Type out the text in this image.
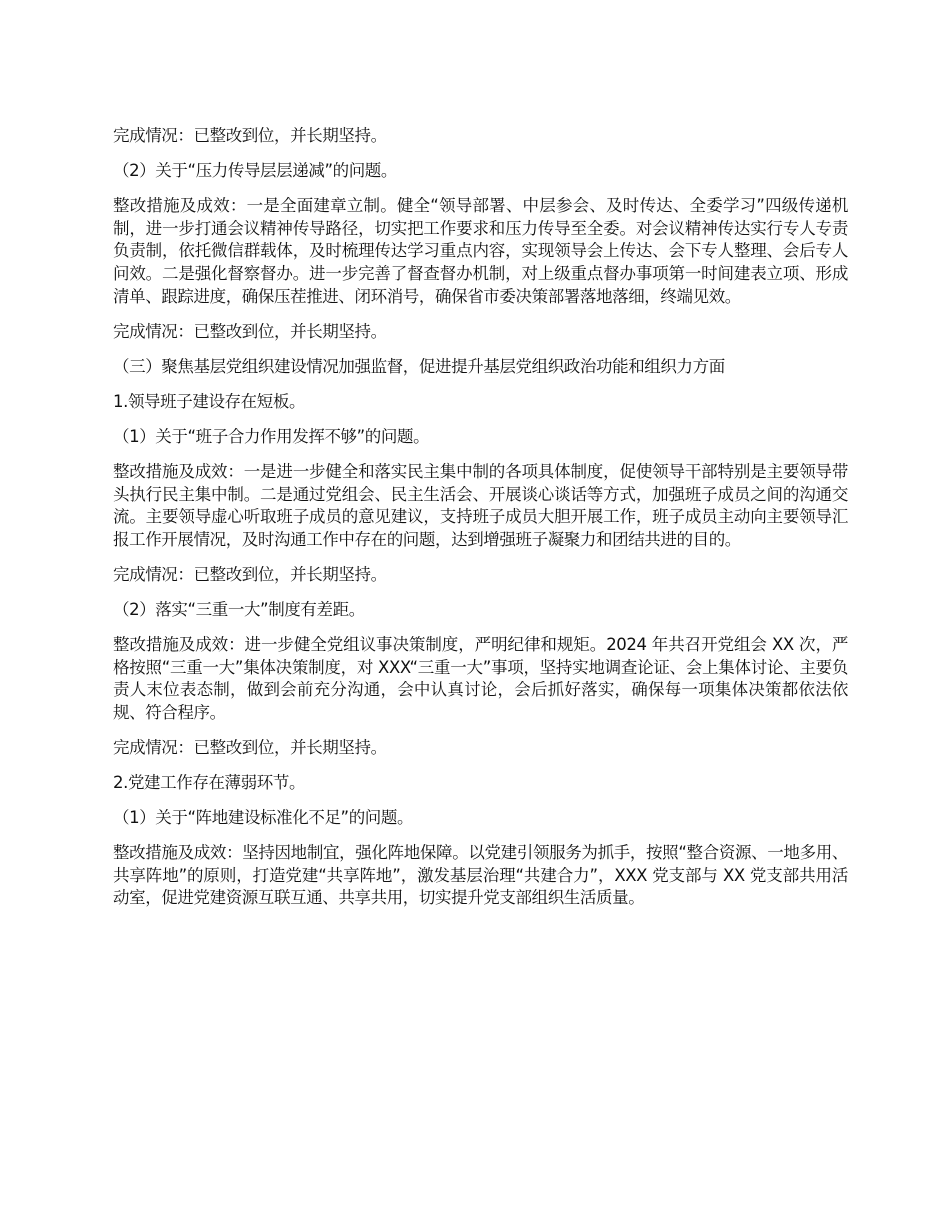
完成情况：已整改到位，并长期坚持。

（2）关于“压力传导层层递减”的问题。

整改措施及成效：一是全面建章立制。健全“领导部署、中层参会、及时传达、全委学习”四级传递机制，进一步打通会议精神传导路径，切实把工作要求和压力传导至全委。对会议精神传达实行专人专责负责制，依托微信群载体，及时梳理传达学习重点内容，实现领导会上传达、会下专人整理、会后专人问效。二是强化督察督办。进一步完善了督查督办机制，对上级重点督办事项第一时间建表立项、形成清单、跟踪进度，确保压茬推进、闭环消号，确保省市委决策部署落地落细，终端见效。

完成情况：已整改到位，并长期坚持。

（三）聚焦基层党组织建设情况加强监督，促进提升基层党组织政治功能和组织力方面

1.领导班子建设存在短板。

（1）关于“班子合力作用发挥不够”的问题。

整改措施及成效：一是进一步健全和落实民主集中制的各项具体制度，促使领导干部特别是主要领导带头执行民主集中制。二是通过党组会、民主生活会、开展谈心谈话等方式，加强班子成员之间的沟通交流。主要领导虚心听取班子成员的意见建议，支持班子成员大胆开展工作，班子成员主动向主要领导汇报工作开展情况，及时沟通工作中存在的问题，达到增强班子凝聚力和团结共进的目的。

完成情况：已整改到位，并长期坚持。

（2）落实“三重一大”制度有差距。

整改措施及成效：进一步健全党组议事决策制度，严明纪律和规矩。2024 年共召开党组会 XX 次，严格按照“三重一大”集体决策制度，对 XXX“三重一大”事项，坚持实地调查论证、会上集体讨论、主要负责人末位表态制，做到会前充分沟通，会中认真讨论，会后抓好落实，确保每一项集体决策都依法依规、符合程序。

完成情况：已整改到位，并长期坚持。

2.党建工作存在薄弱环节。

（1）关于“阵地建设标准化不足”的问题。

整改措施及成效：坚持因地制宜，强化阵地保障。以党建引领服务为抓手，按照“整合资源、一地多用、共享阵地”的原则，打造党建“共享阵地”，激发基层治理“共建合力”，XXX 党支部与 XX 党支部共用活动室，促进党建资源互联互通、共享共用，切实提升党支部组织生活质量。
